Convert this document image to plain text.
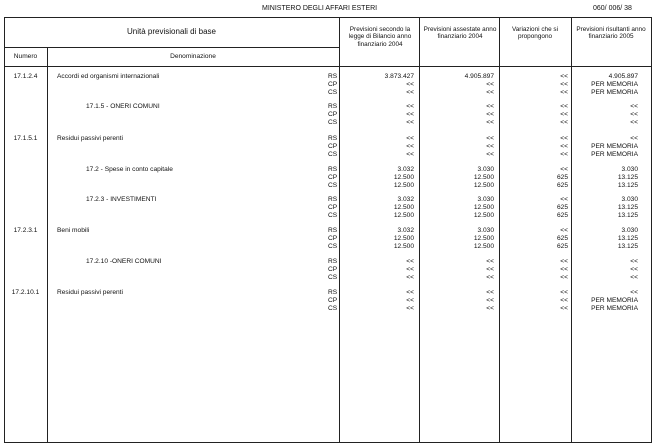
MINISTERO DEGLI AFFARI ESTERI	060/ 006/ 38
Unità previsionali di base
Numero	Denominazione
Previsioni secondo la legge di Bilancio anno finanziario 2004
Previsioni assestate anno finanziario 2004
Variazioni che si propongono
Previsioni risultanti anno finanziario 2005
17.1.2.4	Accordi ed organismi internazionali	RS	3.873.427	4.905.897	<<	4.905.897
CP	<<	<<	<<	PER MEMORIA
CS	<<	<<	<<	PER MEMORIA
17.1.5 - ONERI COMUNI	RS	<<	<<	<<	<<
CP	<<	<<	<<	<<
CS	<<	<<	<<	<<
17.1.5.1	Residui passivi perenti	RS	<<	<<	<<	<<
CP	<<	<<	<<	PER MEMORIA
CS	<<	<<	<<	PER MEMORIA
17.2 - Spese in conto capitale	RS	3.032	3.030	<<	3.030
CP	12.500	12.500	625	13.125
CS	12.500	12.500	625	13.125
17.2.3 - INVESTIMENTI	RS	3.032	3.030	<<	3.030
CP	12.500	12.500	625	13.125
CS	12.500	12.500	625	13.125
17.2.3.1	Beni mobili	RS	3.032	3.030	<<	3.030
CP	12.500	12.500	625	13.125
CS	12.500	12.500	625	13.125
17.2.10 -ONERI COMUNI	RS	<<	<<	<<	<<
CP	<<	<<	<<	<<
CS	<<	<<	<<	<<
17.2.10.1	Residui passivi perenti	RS	<<	<<	<<	<<
CP	<<	<<	<<	PER MEMORIA
CS	<<	<<	<<	PER MEMORIA
